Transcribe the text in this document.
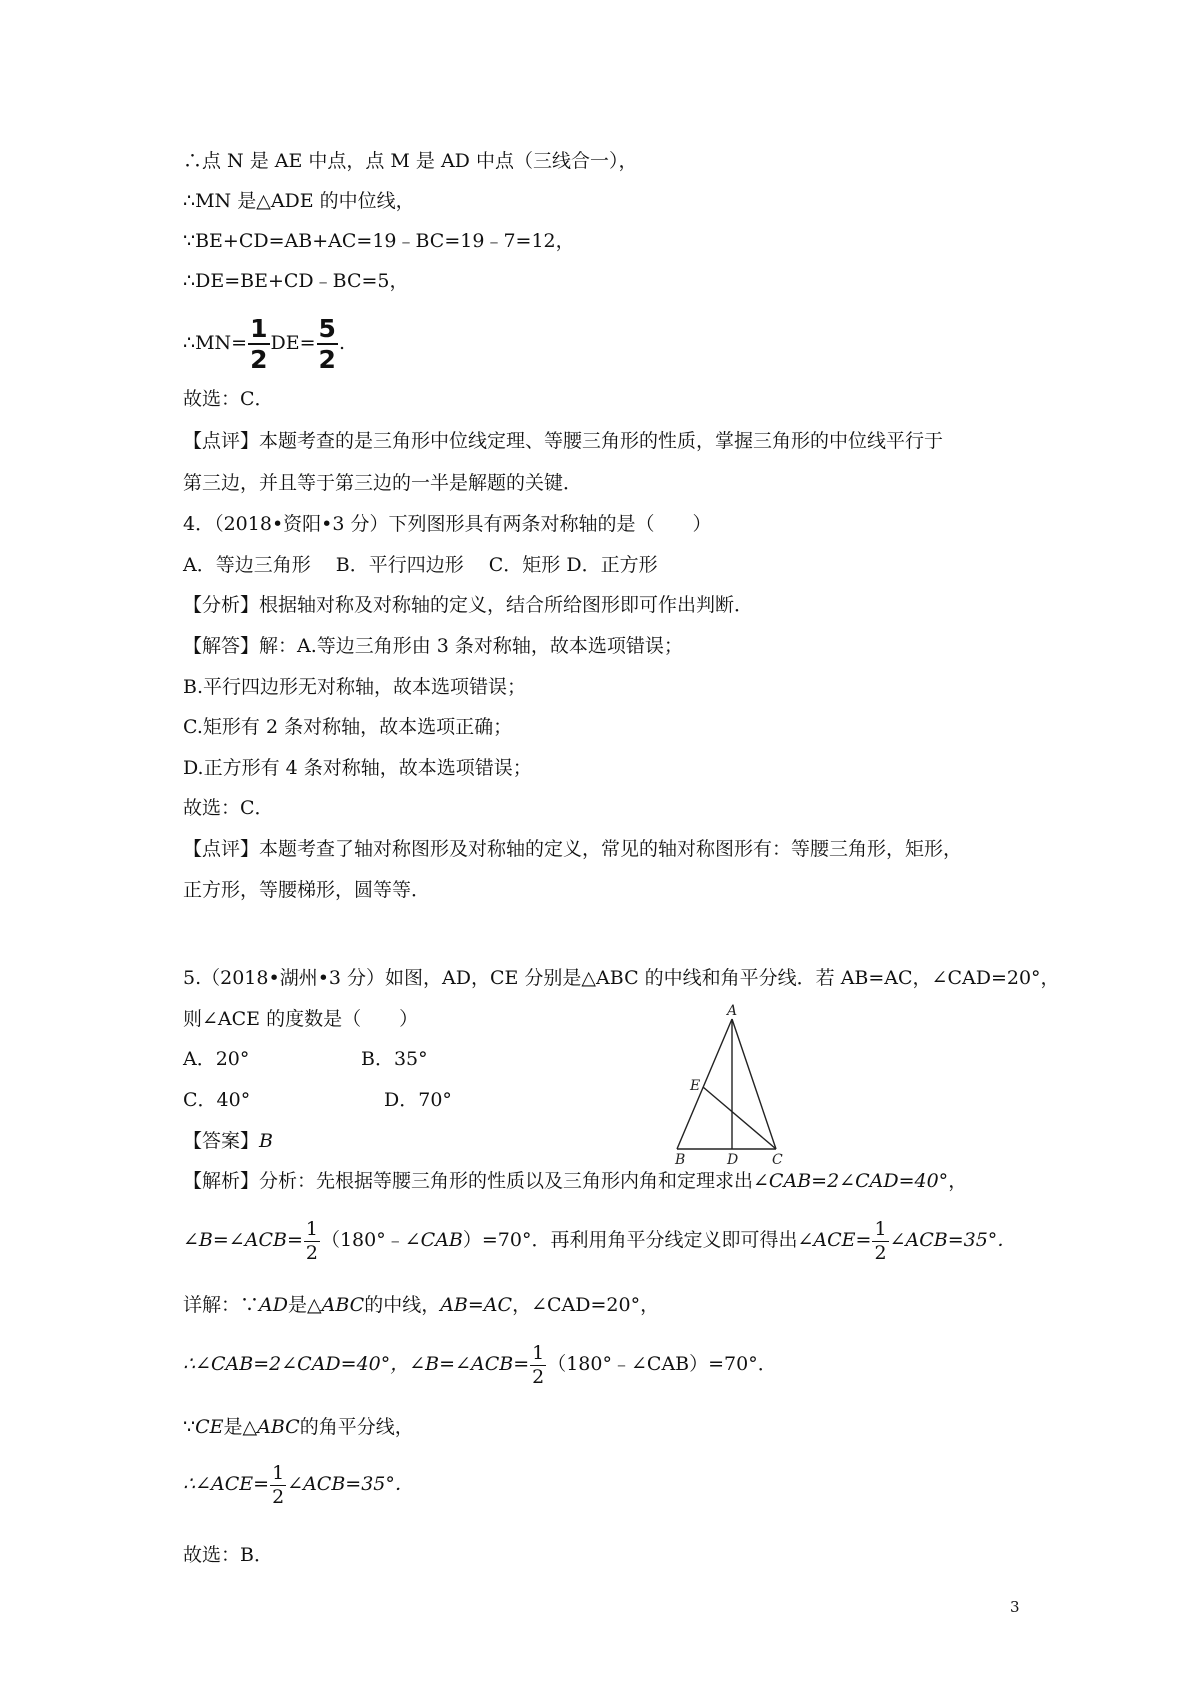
∴点 N 是 AE 中点，点 M 是 AD 中点（三线合一），
∴MN 是△ADE 的中位线，
∵BE+CD=AB+AC=19﹣BC=19﹣7=12，
∴DE=BE+CD﹣BC=5，
∴MN= $\frac{1}{2} DE= \frac{5}{2}$ .
故选：C．
【点评】本题考查的是三角形中位线定理、等腰三角形的性质，掌握三角形的中位线平行于
第三边，并且等于第三边的一半是解题的关键．
4．（2018•资阳•3 分）下列图形具有两条对称轴的是（　　）
A．等边三角形　 B．平行四边形　 C．矩形 D．正方形
【分析】根据轴对称及对称轴的定义，结合所给图形即可作出判断．
【解答】解：A.等边三角形由 3 条对称轴，故本选项错误；
B.平行四边形无对称轴，故本选项错误；
C.矩形有 2 条对称轴，故本选项正确；
D.正方形有 4 条对称轴，故本选项错误；
故选：C．
【点评】本题考查了轴对称图形及对称轴的定义，常见的轴对称图形有：等腰三角形，矩形，
正方形，等腰梯形，圆等等．
5.（2018•湖州•3 分）如图，AD，CE 分别是△ABC 的中线和角平分线．若 AB=AC，∠CAD=20°，
则∠ACE 的度数是（　　）
A．20°	B．35°
C．40°	D．70°
【答案】B
【解析】分析：先根据等腰三角形的性质以及三角形内角和定理求出∠CAB=2∠CAD=40°，
∠B=∠ACB= $\frac{1}{2}$ （180°﹣∠CAB）=70°．再利用角平分线定义即可得出∠ACE= $\frac{1}{2}$ ∠ACB=35°．
详解：∵AD是△ABC的中线，AB=AC，∠CAD=20°，
∴∠CAB=2∠CAD=40°，∠B=∠ACB= $\frac{1}{2}$ （180°﹣∠CAB）=70°．
∵CE是△ABC的角平分线，
∴∠ACE= $\frac{1}{2}$ ∠ACB=35°．
故选：B．
A
B	D C
E
3
